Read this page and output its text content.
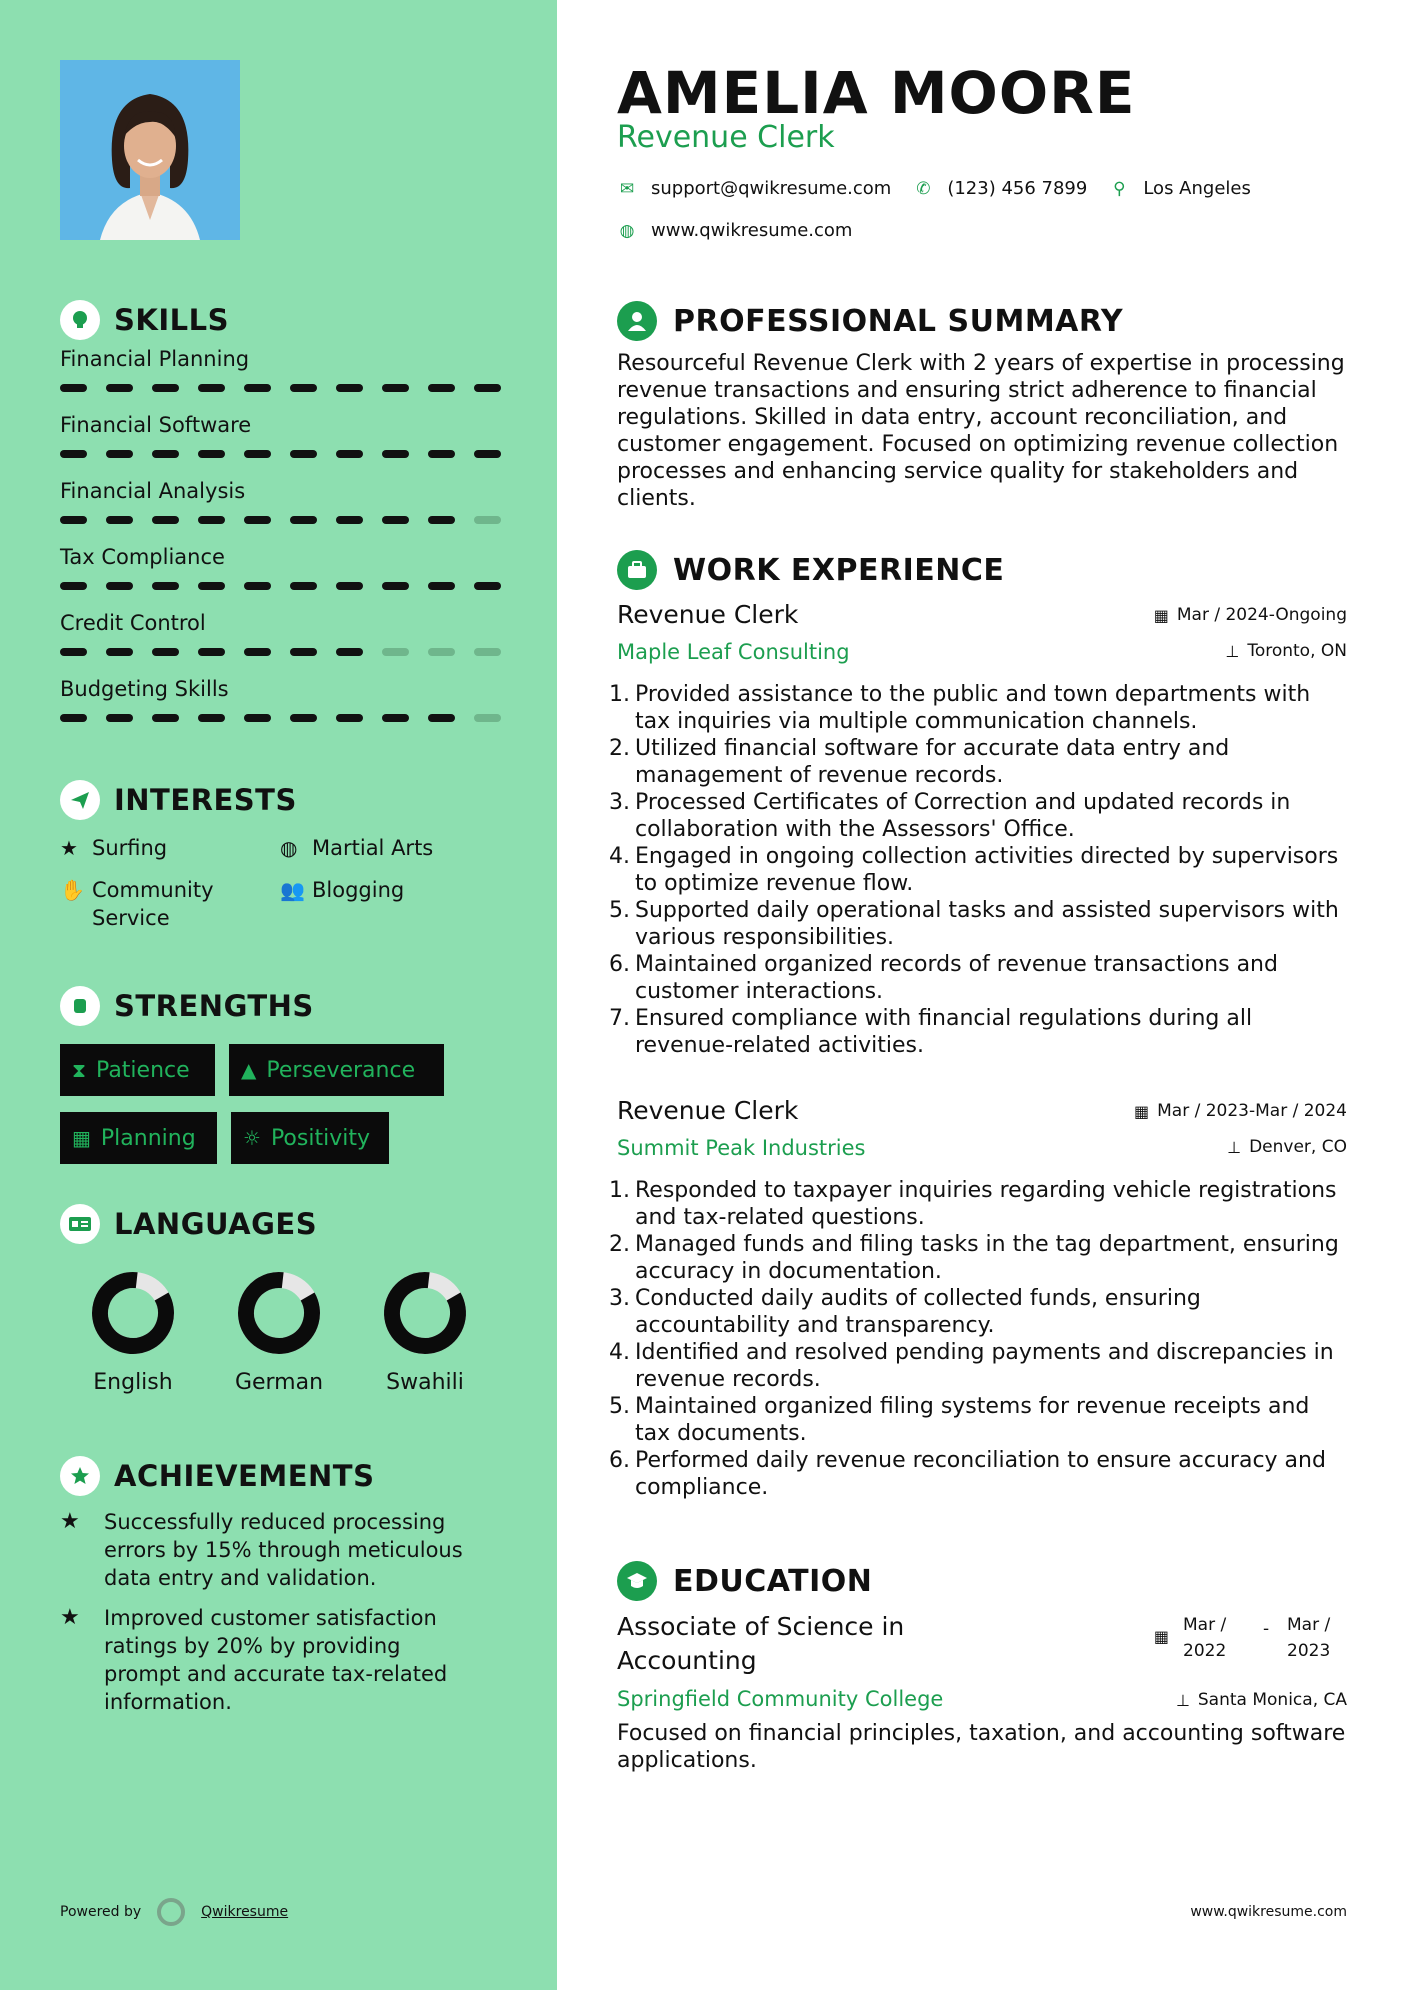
SKILLS
Financial Planning
Financial Software
Financial Analysis
Tax Compliance
Credit Control
Budgeting Skills
INTERESTS
★ Surfing	◍ Martial Arts
✋ Community Service
👥 Blogging
STRENGTHS
⧗ Patience	▲ Perseverance
▦ Planning ☼ Positivity
LANGUAGES
English	German	Swahili
ACHIEVEMENTS
★	Successfully reduced processing errors by 15% through meticulous data entry and validation.
★	Improved customer satisfaction ratings by 20% by providing prompt and accurate tax-related information.
Powered by	Qwikresume
AMELIA MOORE
Revenue Clerk
✉ support@qwikresume.com ✆ (123) 456 7899 ⚲ Los Angeles
◍ www.qwikresume.com
PROFESSIONAL SUMMARY
Resourceful Revenue Clerk with 2 years of expertise in processing revenue transactions and ensuring strict adherence to financial regulations. Skilled in data entry, account reconciliation, and customer engagement. Focused on optimizing revenue collection processes and enhancing service quality for stakeholders and clients.
WORK EXPERIENCE
Revenue Clerk
Maple Leaf Consulting
▦ Mar / 2024-Ongoing
⊥ Toronto, ON
1. Provided assistance to the public and town departments with tax inquiries via multiple communication channels.
2. Utilized financial software for accurate data entry and management of revenue records.
3. Processed Certificates of Correction and updated records in collaboration with the Assessors' Office.
4. Engaged in ongoing collection activities directed by supervisors to optimize revenue flow.
5. Supported daily operational tasks and assisted supervisors with various responsibilities.
6. Maintained organized records of revenue transactions and customer interactions.
7. Ensured compliance with financial regulations during all revenue-related activities.
Revenue Clerk
Summit Peak Industries
▦ Mar / 2023-Mar / 2024
⊥ Denver, CO
1. Responded to taxpayer inquiries regarding vehicle registrations and tax-related questions.
2. Managed funds and filing tasks in the tag department, ensuring accuracy in documentation.
3. Conducted daily audits of collected funds, ensuring accountability and transparency.
4. Identified and resolved pending payments and discrepancies in revenue records.
5. Maintained organized filing systems for revenue receipts and tax documents.
6. Performed daily revenue reconciliation to ensure accuracy and compliance.
EDUCATION
Associate of Science in Accounting
▦
Mar /
2022
-	Mar /
2023
Springfield Community College	⊥ Santa Monica, CA
Focused on financial principles, taxation, and accounting software applications.
www.qwikresume.com
